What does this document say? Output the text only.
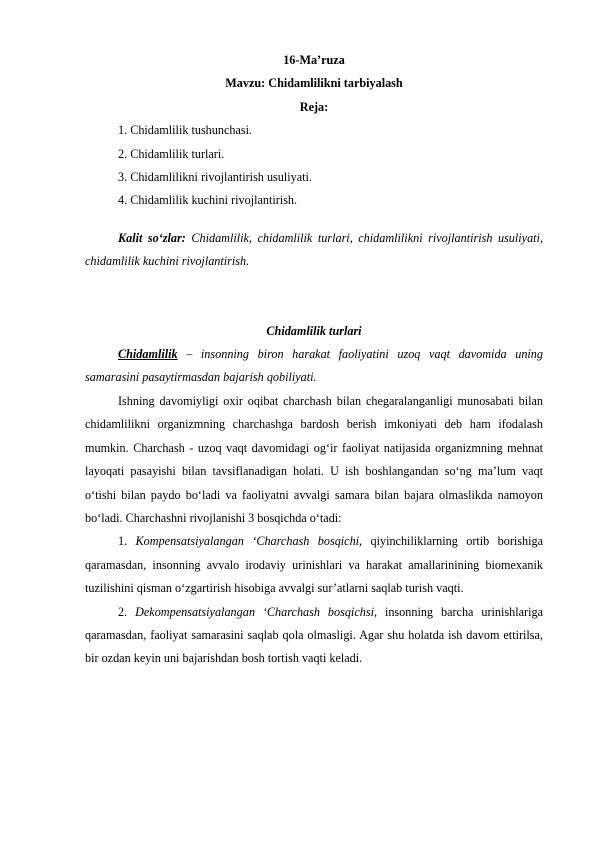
16-Ma’ruza
Mavzu: Chidamlilikni tarbiyalash
Reja:
1. Chidamlilik tushunchasi.
2. Chidamlilik turlari.
3. Chidamlilikni rivojlantirish usuliyati.
4. Chidamlilik kuchini rivojlantirish.

Kalit so‘zlar: Chidamlilik, chidamlilik turlari, chidamlilikni rivojlantirish usuliyati, chidamlilik kuchini rivojlantirish.

Chidamlilik turlari

Chidamlilik – insonning biron harakat faoliyatini uzoq vaqt davomida uning samarasini pasaytirmasdan bajarish qobiliyati.

Ishning davomiyligi oxir oqibat charchash bilan chegaralanganligi munosabati bilan chidamlilikni organizmning charchashga bardosh berish imkoniyati deb ham ifodalash mumkin. Charchash - uzoq vaqt davomidagi og‘ir faoliyat natijasida organizmning mehnat layoqati pasayishi bilan tavsiflanadigan holati. U ish boshlangandan so‘ng ma’lum vaqt o‘tishi bilan paydo bo‘ladi va faoliyatni avvalgi samara bilan bajara olmaslikda namoyon bo‘ladi. Charchashni rivojlanishi 3 bosqichda o‘tadi:

1. Kompensatsiyalangan ‘Charchash bosqichi, qiyinchiliklarning ortib borishiga qaramasdan, insonning avvalo irodaviy urinishlari va harakat amallarinining biomexanik tuzilishini qisman o‘zgartirish hisobiga avvalgi sur’atlarni saqlab turish vaqti.

2. Dekompensatsiyalangan ‘Charchash bosqichsi, insonning barcha urinishlariga qaramasdan, faoliyat samarasini saqlab qola olmasligi. Agar shu holatda ish davom ettirilsa, bir ozdan keyin uni bajarishdan bosh tortish vaqti keladi.
